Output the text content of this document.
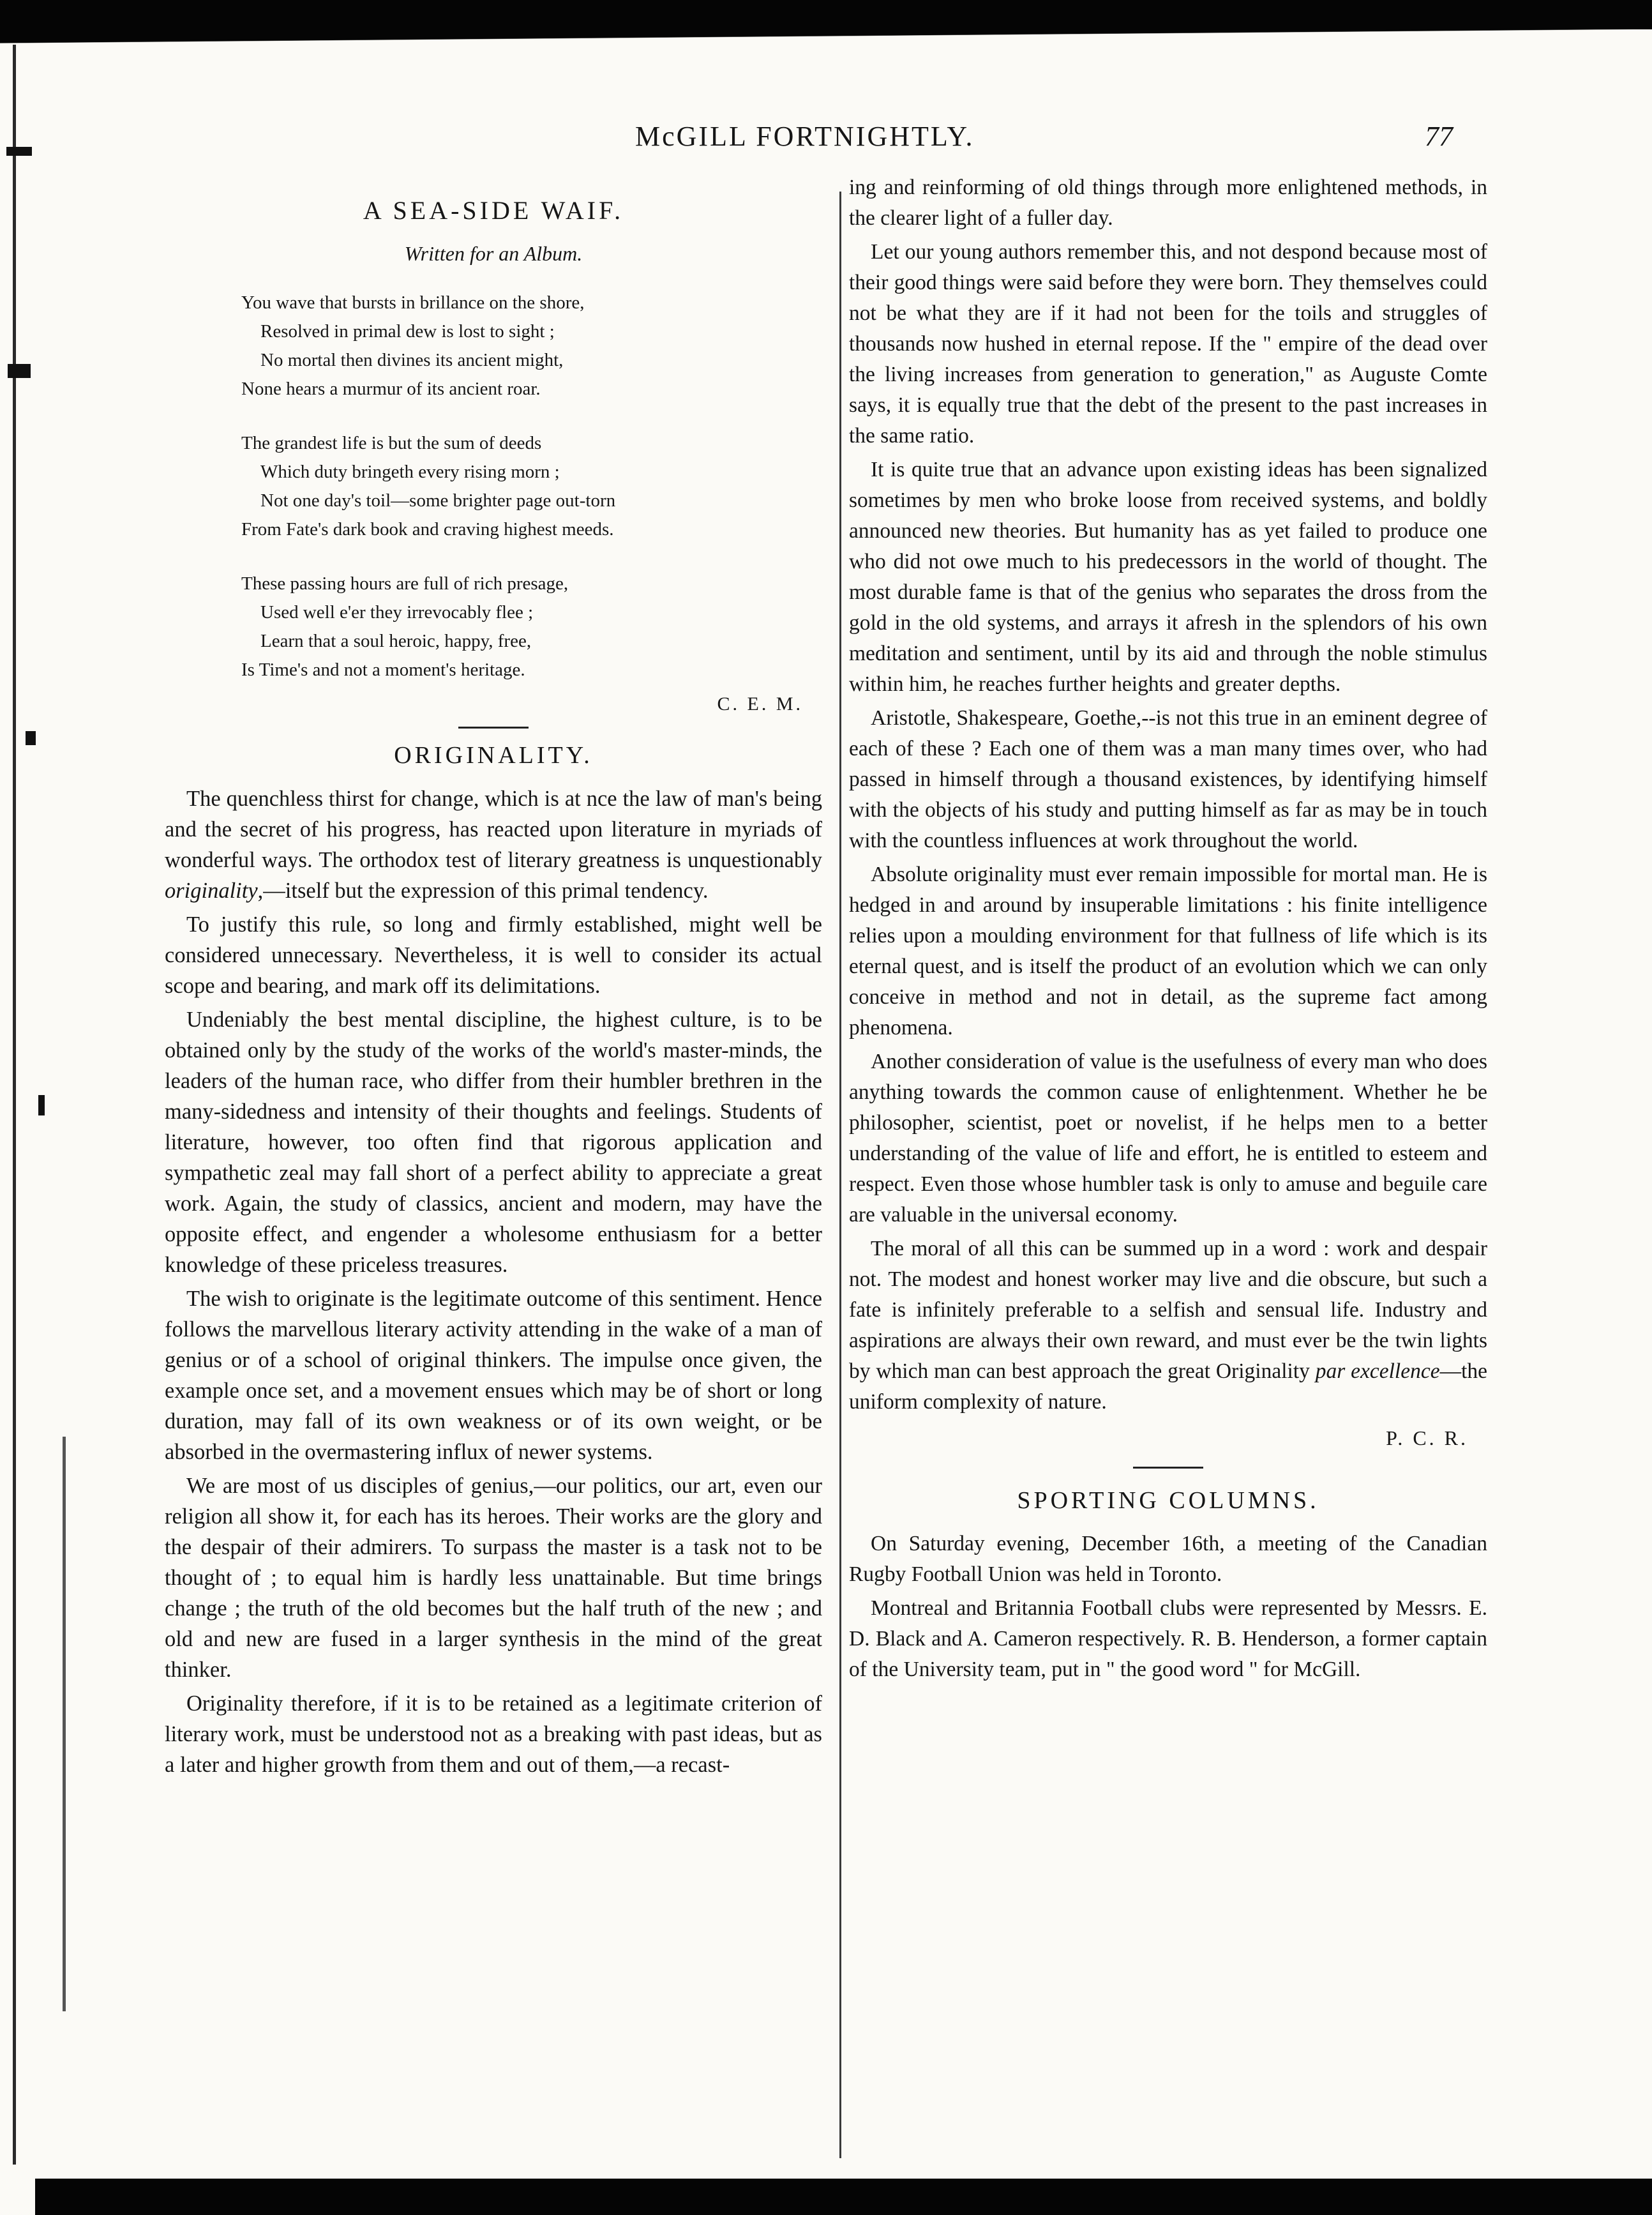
McGILL FORTNIGHTLY.	77
A SEA-SIDE WAIF.
Written for an Album.
You wave that bursts in brillance on the shore,
Resolved in primal dew is lost to sight ;
No mortal then divines its ancient might,
None hears a murmur of its ancient roar.
The grandest life is but the sum of deeds
Which duty bringeth every rising morn ;
Not one day's toil—some brighter page out-torn
From Fate's dark book and craving highest meeds.
These passing hours are full of rich presage,
Used well e'er they irrevocably flee ;
Learn that a soul heroic, happy, free,
Is Time's and not a moment's heritage.
C. E. M.
ORIGINALITY.

The quenchless thirst for change, which is at nce the law of man's being and the secret of his progress, has reacted upon literature in myriads of wonderful ways. The orthodox test of literary greatness is unquestionably originality,—itself but the expression of this primal tendency.

To justify this rule, so long and firmly established, might well be considered unnecessary. Nevertheless, it is well to consider its actual scope and bearing, and mark off its delimitations.

Undeniably the best mental discipline, the highest culture, is to be obtained only by the study of the works of the world's master-minds, the leaders of the human race, who differ from their humbler brethren in the many-sidedness and intensity of their thoughts and feelings. Students of literature, however, too often find that rigorous application and sympathetic zeal may fall short of a perfect ability to appreciate a great work. Again, the study of classics, ancient and modern, may have the opposite effect, and engender a wholesome enthusiasm for a better knowledge of these priceless treasures.

The wish to originate is the legitimate outcome of this sentiment. Hence follows the marvellous literary activity attending in the wake of a man of genius or of a school of original thinkers. The impulse once given, the example once set, and a movement ensues which may be of short or long duration, may fall of its own weakness or of its own weight, or be absorbed in the overmastering influx of newer systems.

We are most of us disciples of genius,—our politics, our art, even our religion all show it, for each has its heroes. Their works are the glory and the despair of their admirers. To surpass the master is a task not to be thought of ; to equal him is hardly less unattainable. But time brings change ; the truth of the old becomes but the half truth of the new ; and old and new are fused in a larger synthesis in the mind of the great thinker.

Originality therefore, if it is to be retained as a legitimate criterion of literary work, must be understood not as a breaking with past ideas, but as a later and higher growth from them and out of them,—a recast-

ing and reinforming of old things through more enlightened methods, in the clearer light of a fuller day.

Let our young authors remember this, and not despond because most of their good things were said before they were born. They themselves could not be what they are if it had not been for the toils and struggles of thousands now hushed in eternal repose. If the " empire of the dead over the living increases from generation to generation," as Auguste Comte says, it is equally true that the debt of the present to the past increases in the same ratio.

It is quite true that an advance upon existing ideas has been signalized sometimes by men who broke loose from received systems, and boldly announced new theories. But humanity has as yet failed to produce one who did not owe much to his predecessors in the world of thought. The most durable fame is that of the genius who separates the dross from the gold in the old systems, and arrays it afresh in the splendors of his own meditation and sentiment, until by its aid and through the noble stimulus within him, he reaches further heights and greater depths.

Aristotle, Shakespeare, Goethe,--is not this true in an eminent degree of each of these ? Each one of them was a man many times over, who had passed in himself through a thousand existences, by identifying himself with the objects of his study and putting himself as far as may be in touch with the countless influences at work throughout the world.

Absolute originality must ever remain impossible for mortal man. He is hedged in and around by insuperable limitations : his finite intelligence relies upon a moulding environment for that fullness of life which is its eternal quest, and is itself the product of an evolution which we can only conceive in method and not in detail, as the supreme fact among phenomena.

Another consideration of value is the usefulness of every man who does anything towards the common cause of enlightenment. Whether he be philosopher, scientist, poet or novelist, if he helps men to a better understanding of the value of life and effort, he is entitled to esteem and respect. Even those whose humbler task is only to amuse and beguile care are valuable in the universal economy.

The moral of all this can be summed up in a word : work and despair not. The modest and honest worker may live and die obscure, but such a fate is infinitely preferable to a selfish and sensual life. Industry and aspirations are always their own reward, and must ever be the twin lights by which man can best approach the great Originality par excellence—the uniform complexity of nature.

P. C. R.
SPORTING COLUMNS.

On Saturday evening, December 16th, a meeting of the Canadian Rugby Football Union was held in Toronto.

Montreal and Britannia Football clubs were represented by Messrs. E. D. Black and A. Cameron respectively. R. B. Henderson, a former captain of the University team, put in " the good word " for McGill.
